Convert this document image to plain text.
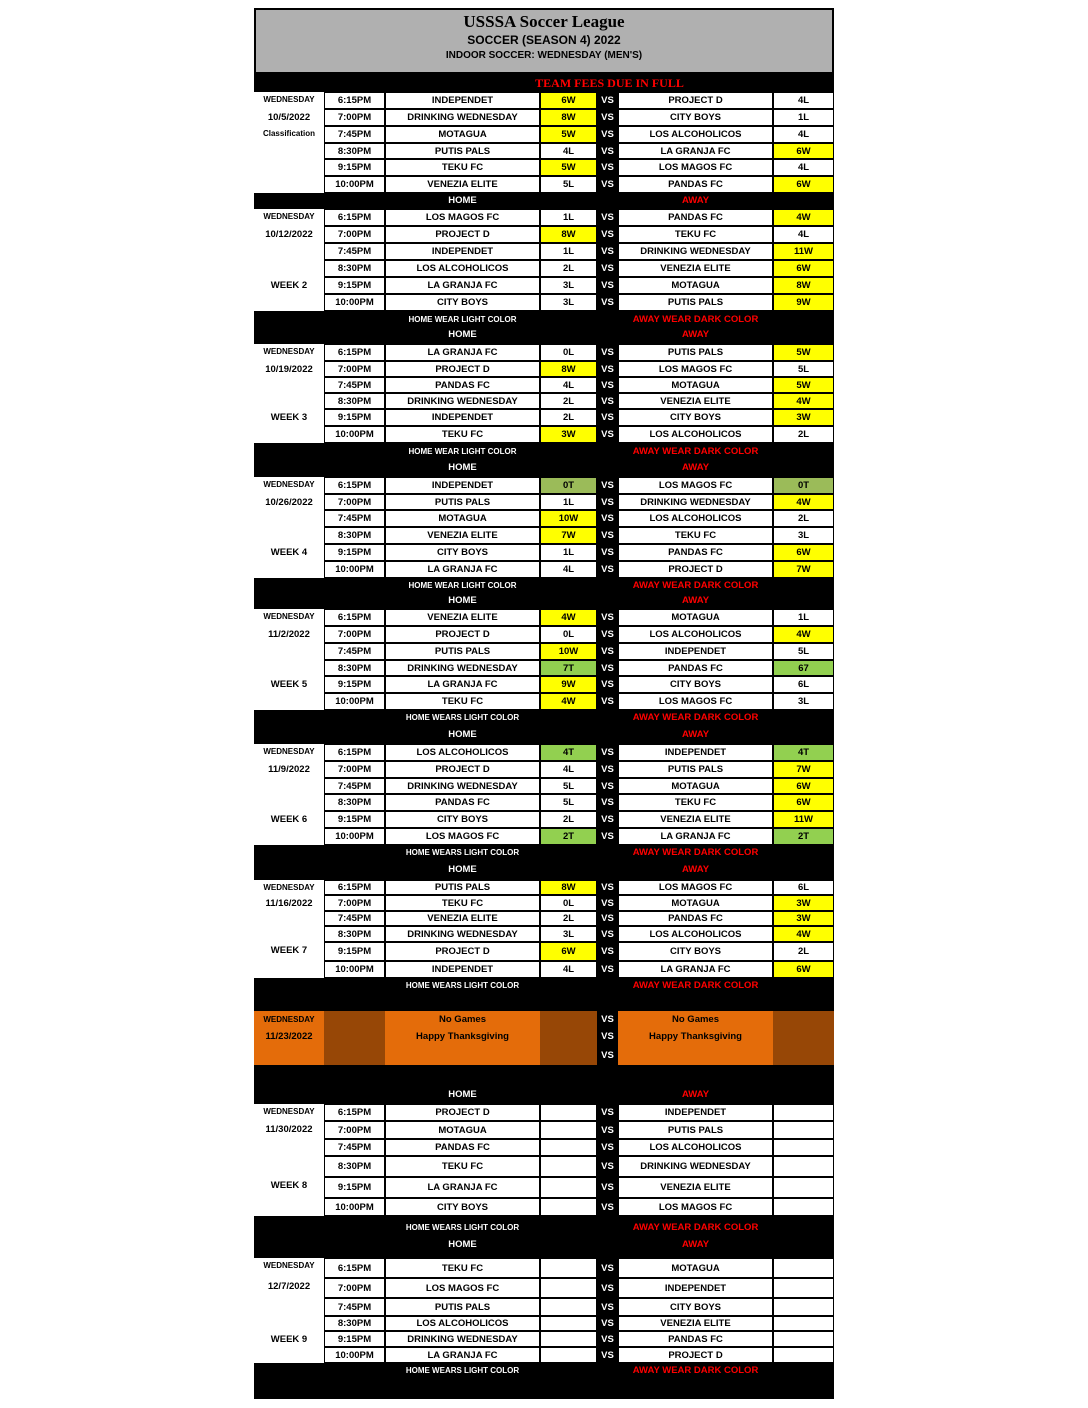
USSSA Soccer League
SOCCER (SEASON 4) 2022
INDOOR SOCCER: WEDNESDAY (MEN'S)
TEAM FEES DUE IN FULL
WEDNESDAY
10/5/2022
Classification
6:15PM	INDEPENDET	6W	VS	PROJECT D	4L
7:00PM	DRINKING WEDNESDAY	8W	VS	CITY BOYS	1L
7:45PM	MOTAGUA	5W	VS	LOS ALCOHOLICOS	4L
8:30PM	PUTIS PALS	4L	VS	LA GRANJA FC	6W
9:15PM	TEKU FC	5W	VS	LOS MAGOS FC	4L
10:00PM	VENEZIA ELITE	5L	VS	PANDAS FC	6W
HOME	AWAY
WEDNESDAY
10/12/2022
WEEK 2
6:15PM	LOS MAGOS FC	1L	VS	PANDAS FC	4W
7:00PM	PROJECT D	8W	VS	TEKU FC	4L
7:45PM	INDEPENDET	1L	VS	DRINKING WEDNESDAY	11W
8:30PM	LOS ALCOHOLICOS	2L	VS	VENEZIA ELITE	6W
9:15PM	LA GRANJA FC	3L	VS	MOTAGUA	8W
10:00PM	CITY BOYS	3L	VS	PUTIS PALS	9W
HOME WEAR LIGHT COLOR	AWAY WEAR DARK COLOR
HOME	AWAY
WEDNESDAY
10/19/2022
WEEK 3
6:15PM	LA GRANJA FC	0L	VS	PUTIS PALS	5W
7:00PM	PROJECT D	8W	VS	LOS MAGOS FC	5L
7:45PM	PANDAS FC	4L	VS	MOTAGUA	5W
8:30PM	DRINKING WEDNESDAY	2L	VS	VENEZIA ELITE	4W
9:15PM	INDEPENDET	2L	VS	CITY BOYS	3W
10:00PM	TEKU FC	3W	VS	LOS ALCOHOLICOS	2L
HOME WEAR LIGHT COLOR	AWAY WEAR DARK COLOR
HOME	AWAY
WEDNESDAY
10/26/2022
WEEK 4
6:15PM	INDEPENDET	0T	VS	LOS MAGOS FC	0T
7:00PM	PUTIS PALS	1L	VS	DRINKING WEDNESDAY	4W
7:45PM	MOTAGUA	10W	VS	LOS ALCOHOLICOS	2L
8:30PM	VENEZIA ELITE	7W	VS	TEKU FC	3L
9:15PM	CITY BOYS	1L	VS	PANDAS FC	6W
10:00PM	LA GRANJA FC	4L	VS	PROJECT D	7W
HOME WEAR LIGHT COLOR	AWAY WEAR DARK COLOR
HOME	AWAY
WEDNESDAY
11/2/2022
WEEK 5
6:15PM	VENEZIA ELITE	4W	VS	MOTAGUA	1L
7:00PM	PROJECT D	0L	VS	LOS ALCOHOLICOS	4W
7:45PM	PUTIS PALS	10W	VS	INDEPENDET	5L
8:30PM	DRINKING WEDNESDAY	7T	VS	PANDAS FC	67
9:15PM	LA GRANJA FC	9W	VS	CITY BOYS	6L
10:00PM	TEKU FC	4W	VS	LOS MAGOS FC	3L
HOME WEARS LIGHT COLOR	AWAY WEAR DARK COLOR
HOME	AWAY
WEDNESDAY
11/9/2022
WEEK 6
6:15PM	LOS ALCOHOLICOS	4T	VS	INDEPENDET	4T
7:00PM	PROJECT D	4L	VS	PUTIS PALS	7W
7:45PM	DRINKING WEDNESDAY	5L	VS	MOTAGUA	6W
8:30PM	PANDAS FC	5L	VS	TEKU FC	6W
9:15PM	CITY BOYS	2L	VS	VENEZIA ELITE	11W
10:00PM	LOS MAGOS FC	2T	VS	LA GRANJA FC	2T
HOME WEARS LIGHT COLOR	AWAY WEAR DARK COLOR
HOME	AWAY
WEDNESDAY
11/16/2022
WEEK 7
6:15PM	PUTIS PALS	8W	VS	LOS MAGOS FC	6L
7:00PM	TEKU FC	0L	VS	MOTAGUA	3W
7:45PM	VENEZIA ELITE	2L	VS	PANDAS FC	3W
8:30PM	DRINKING WEDNESDAY	3L	VS	LOS ALCOHOLICOS	4W
9:15PM	PROJECT D	6W	VS	CITY BOYS	2L
10:00PM	INDEPENDET	4L	VS	LA GRANJA FC	6W
HOME WEARS LIGHT COLOR	AWAY WEAR DARK COLOR
HOME	AWAY
WEDNESDAY
11/30/2022
WEEK 8
6:15PM	PROJECT D	VS	INDEPENDET
7:00PM	MOTAGUA	VS	PUTIS PALS
7:45PM	PANDAS FC	VS	LOS ALCOHOLICOS
8:30PM	TEKU FC	VS	DRINKING WEDNESDAY
9:15PM	LA GRANJA FC	VS	VENEZIA ELITE
10:00PM	CITY BOYS	VS	LOS MAGOS FC
HOME WEARS LIGHT COLOR	AWAY WEAR DARK COLOR
HOME	AWAY
WEDNESDAY
12/7/2022
WEEK 9
6:15PM	TEKU FC	VS	MOTAGUA
7:00PM	LOS MAGOS FC	VS	INDEPENDET
7:45PM	PUTIS PALS	VS	CITY BOYS
8:30PM	LOS ALCOHOLICOS	VS	VENEZIA ELITE
9:15PM	DRINKING WEDNESDAY	VS	PANDAS FC
10:00PM	LA GRANJA FC	VS	PROJECT D
HOME WEARS LIGHT COLOR	AWAY WEAR DARK COLOR
WEDNESDAY	No Games	VS	No Games
11/23/2022	Happy Thanksgiving	VS	Happy Thanksgiving
VS
